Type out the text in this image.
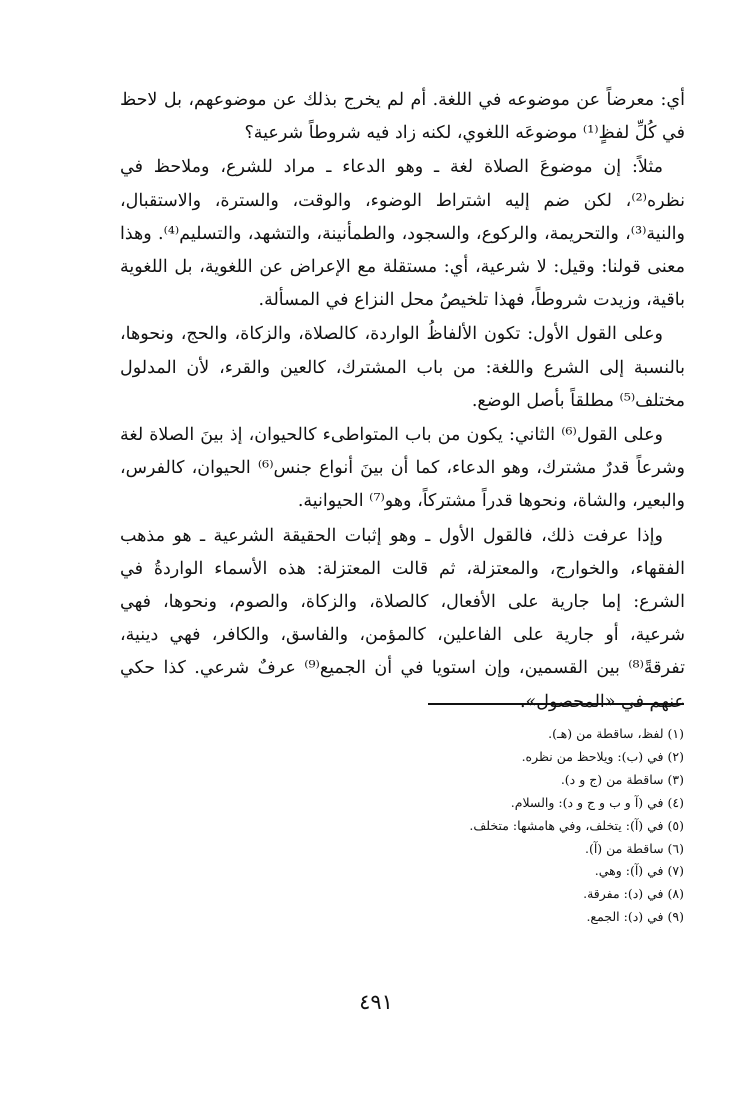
أي: معرضاً عن موضوعه في اللغة. أم لم يخرج بذلك عن موضوعهم، بل لاحظ في كُلِّ لفظٍ⁽¹⁾ موضوعَه اللغوي، لكنه زاد فيه شروطاً شرعية؟

مثلاً: إن موضوعَ الصلاة لغة ـ وهو الدعاء ـ مراد للشرع، وملاحظ في نظره⁽²⁾، لكن ضم إليه اشتراط الوضوء، والوقت، والسترة، والاستقبال، والنية⁽³⁾، والتحريمة، والركوع، والسجود، والطمأنينة، والتشهد، والتسليم⁽⁴⁾. وهذا معنى قولنا: وقيل: لا شرعية، أي: مستقلة مع الإعراض عن اللغوية، بل اللغوية باقية، وزيدت شروطاً، فهذا تلخيصُ محل النزاع في المسألة.

وعلى القول الأول: تكون الألفاظُ الواردة، كالصلاة، والزكاة، والحج، ونحوها، بالنسبة إلى الشرع واللغة: من باب المشترك، كالعين والقرء، لأن المدلول مختلف⁽⁵⁾ مطلقاً بأصل الوضع.

وعلى القول⁽⁶⁾ الثاني: يكون من باب المتواطىء كالحيوان، إذ بينَ الصلاة لغة وشرعاً قدرٌ مشترك، وهو الدعاء، كما أن بينَ أنواع جنس⁽⁶⁾ الحيوان، كالفرس، والبعير، والشاة، ونحوها قدراً مشتركاً، وهو⁽⁷⁾ الحيوانية.

وإذا عرفت ذلك، فالقول الأول ـ وهو إثبات الحقيقة الشرعية ـ هو مذهب الفقهاء، والخوارج، والمعتزلة، ثم قالت المعتزلة: هذه الأسماء الواردةُ في الشرع: إما جارية على الأفعال، كالصلاة، والزكاة، والصوم، ونحوها، فهي شرعية، أو جارية على الفاعلين، كالمؤمن، والفاسق، والكافر، فهي دينية، تفرقةً⁽⁸⁾ بين القسمين، وإن استويا في أن الجميع⁽⁹⁾ عرفٌ شرعي. كذا حكي عنهم في «المحصول».

(١) لفظ، ساقطة من (هـ).
(٢) في (ب): ويلاحظ من نظره.
(٣) ساقطة من (ج و د).
(٤) في (آ و ب و ج و د): والسلام.
(٥) في (آ): يتخلف، وفي هامشها: متخلف.
(٦) ساقطة من (آ).
(٧) في (آ): وهي.
(٨) في (د): مفرقة.
(٩) في (د): الجمع.
٤٩١
